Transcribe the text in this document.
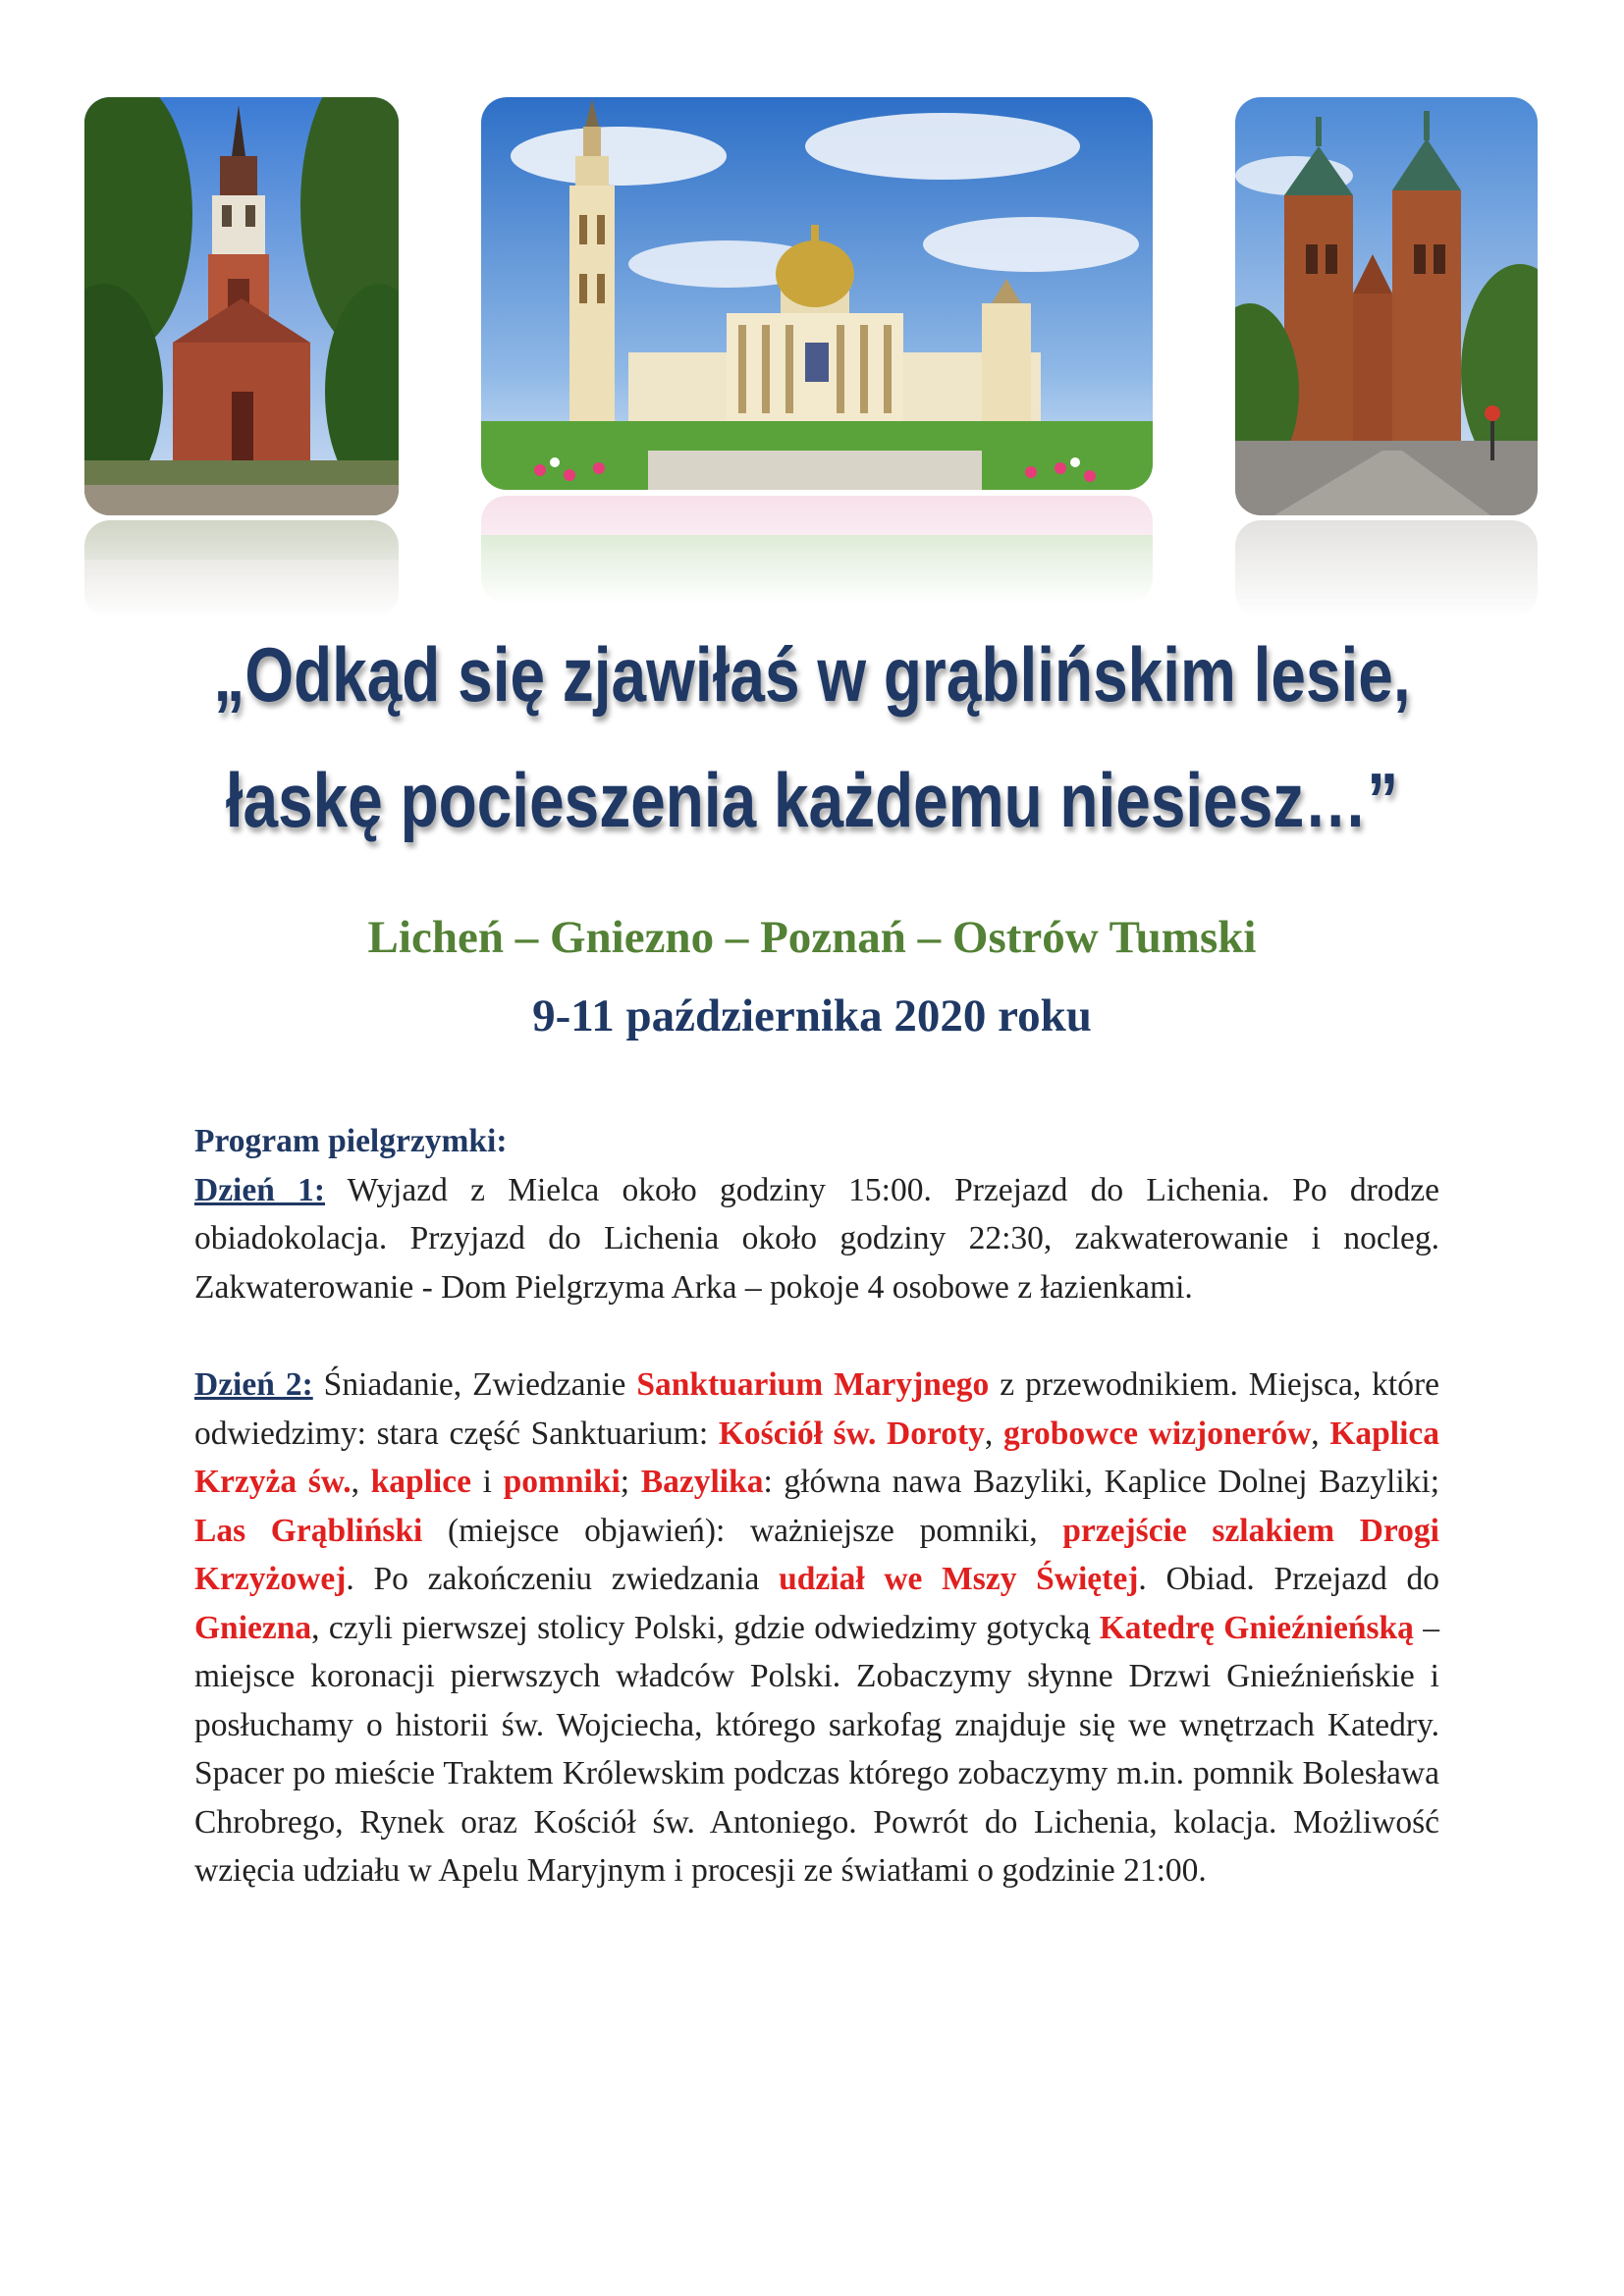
„Odkąd się zjawiłaś w grąblińskim lesie,
łaskę pocieszenia każdemu niesiesz…”
Licheń – Gniezno – Poznań – Ostrów Tumski
9-11 października 2020 roku
Program pielgrzymki:

Dzień 1: Wyjazd z Mielca około godziny 15:00. Przejazd do Lichenia. Po drodze obiadokolacja. Przyjazd do Lichenia około godziny 22:30, zakwaterowanie i nocleg. Zakwaterowanie - Dom Pielgrzyma Arka – pokoje 4 osobowe z łazienkami.

Dzień 2: Śniadanie, Zwiedzanie Sanktuarium Maryjnego z przewodnikiem. Miejsca, które odwiedzimy: stara część Sanktuarium: Kościół św. Doroty, grobowce wizjonerów, Kaplica Krzyża św., kaplice i pomniki; Bazylika: główna nawa Bazyliki, Kaplice Dolnej Bazyliki; Las Grąbliński (miejsce objawień): ważniejsze pomniki, przejście szlakiem Drogi Krzyżowej. Po zakończeniu zwiedzania udział we Mszy Świętej. Obiad. Przejazd do Gniezna, czyli pierwszej stolicy Polski, gdzie odwiedzimy gotycką Katedrę Gnieźnieńską – miejsce koronacji pierwszych władców Polski. Zobaczymy słynne Drzwi Gnieźnieńskie i posłuchamy o historii św. Wojciecha, którego sarkofag znajduje się we wnętrzach Katedry. Spacer po mieście Traktem Królewskim podczas którego zobaczymy m.in. pomnik Bolesława Chrobrego, Rynek oraz Kościół św. Antoniego. Powrót do Lichenia, kolacja. Możliwość wzięcia udziału w Apelu Maryjnym i procesji ze światłami o godzinie 21:00.
